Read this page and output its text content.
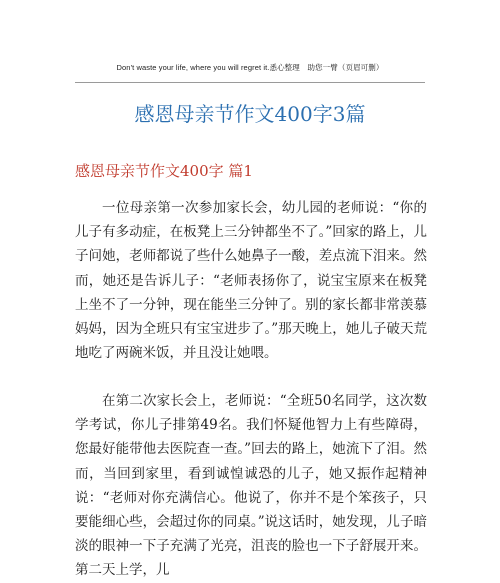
Don't waste your life, where you will regret it.悉心整理　助您一臂（页眉可删）
感恩母亲节作文400字3篇
感恩母亲节作文400字 篇1

一位母亲第一次参加家长会，幼儿园的老师说：“你的儿子有多动症，在板凳上三分钟都坐不了。”回家的路上，儿子问她，老师都说了些什么她鼻子一酸，差点流下泪来。然而，她还是告诉儿子：“老师表扬你了，说宝宝原来在板凳上坐不了一分钟，现在能坐三分钟了。别的家长都非常羡慕妈妈，因为全班只有宝宝进步了。”那天晚上，她儿子破天荒地吃了两碗米饭，并且没让她喂。

在第二次家长会上，老师说：“全班50名同学，这次数学考试，你儿子排第49名。我们怀疑他智力上有些障碍，您最好能带他去医院查一查。”回去的路上，她流下了泪。然而，当回到家里，看到诚惶诚恐的儿子，她又振作起精神说：“老师对你充满信心。他说了，你并不是个笨孩子，只要能细心些，会超过你的同桌。”说这话时，她发现，儿子暗淡的眼神一下子充满了光亮，沮丧的脸也一下子舒展开来。第二天上学，儿
